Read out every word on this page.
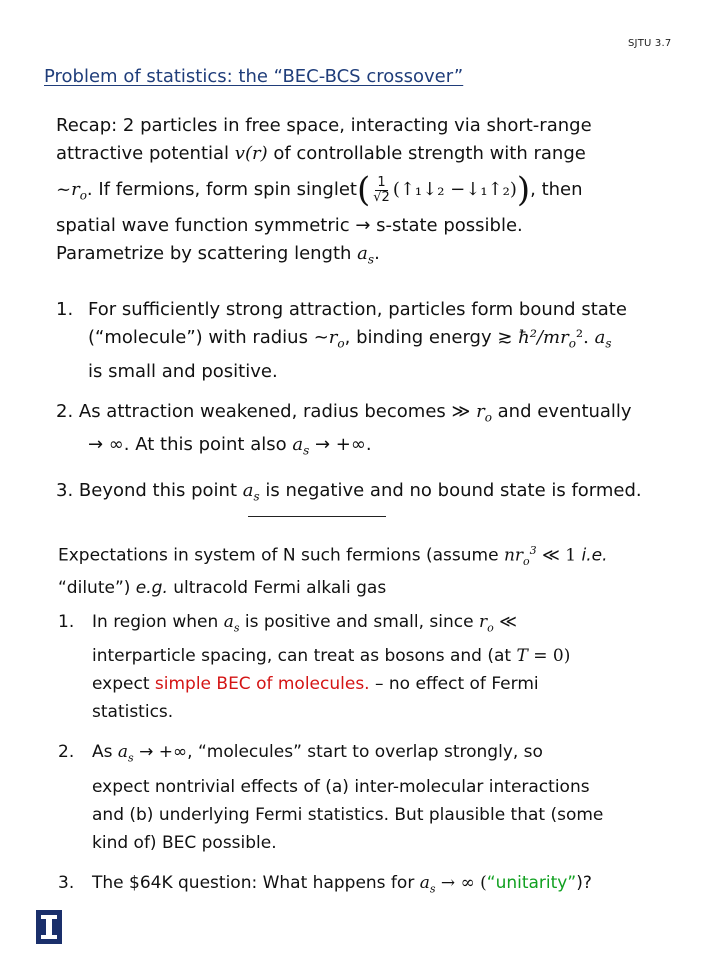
SJTU 3.7
Problem of statistics: the “BEC-BCS crossover”
Recap: 2 particles in free space, interacting via short-range
attractive potential v(r) of controllable strength with range
$\sim r_o$. If fermions, form spin singlet( $\frac{1}{√2}$ (↑₁↓₂ −↓₁↑₂)), then
spatial wave function symmetric → s-state possible.
Parametrize by scattering length $a_s$.
1. For sufficiently strong attraction, particles form bound state
(“molecule”) with radius $\sim r_o$, binding energy ≳ $ħ^2/mr_o^2$. $a_s$
is small and positive.
2. As attraction weakened, radius becomes ≫ $r_o$ and eventually
→ ∞. At this point also $a_s$ → +∞.
3. Beyond this point $a_s$ is negative and no bound state is formed.
Expectations in system of N such fermions (assume $nr_o^3$ ≪ 1 i.e.
“dilute”) e.g. ultracold Fermi alkali gas
1. In region when $a_s$ is positive and small, since $r_o$ ≪
interparticle spacing, can treat as bosons and (at T = 0)
expect simple BEC of molecules. – no effect of Fermi
statistics.
2. As $a_s$ → +∞, “molecules” start to overlap strongly, so
expect nontrivial effects of (a) inter-molecular interactions
and (b) underlying Fermi statistics. But plausible that (some
kind of) BEC possible.
3. The $64K question: What happens for $a_s$ → ∞ (“unitarity”)?
